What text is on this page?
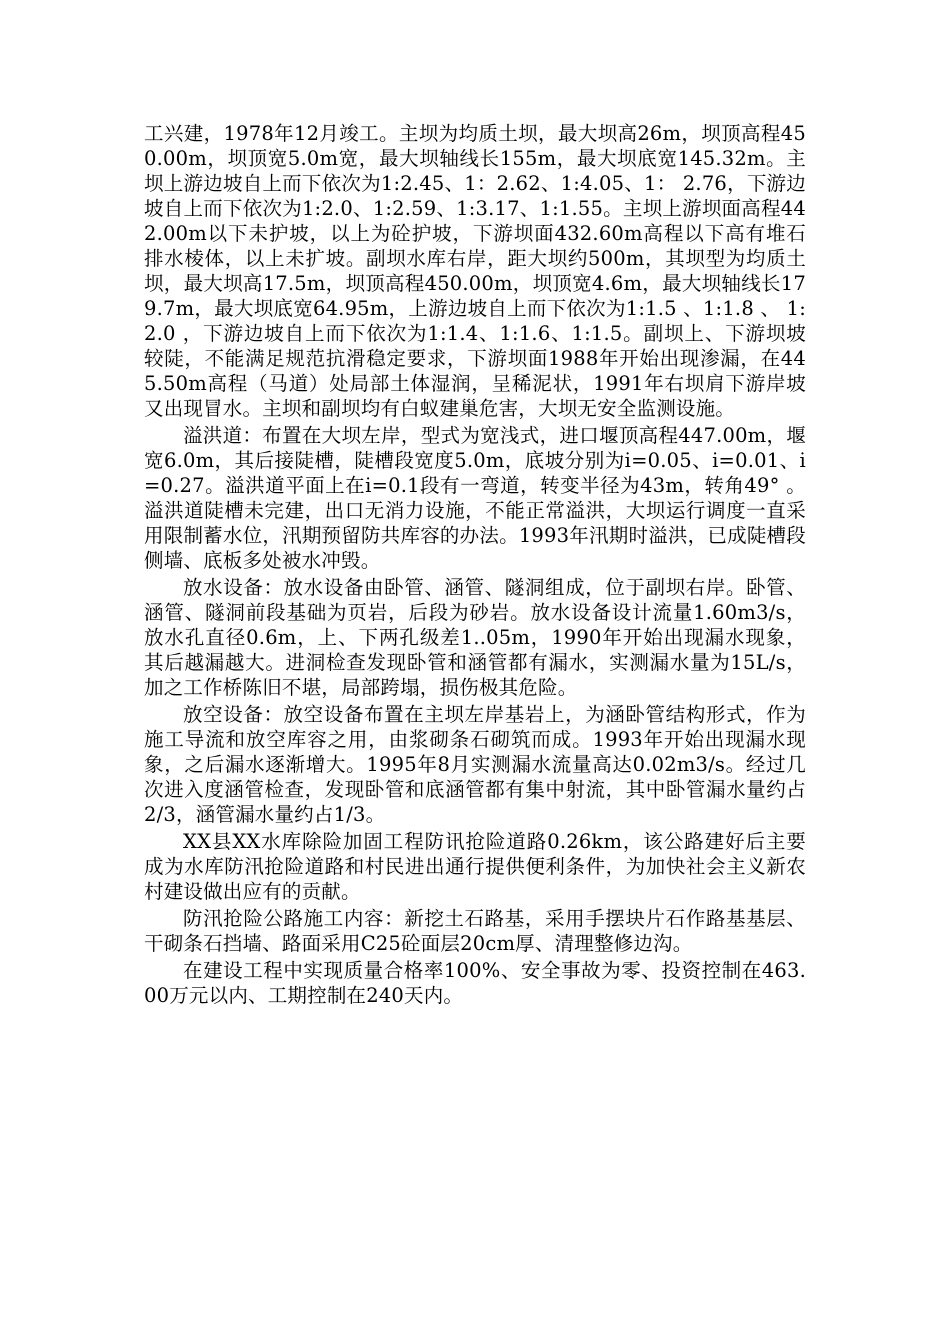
工兴建，1978年12月竣工。主坝为均质土坝，最大坝高26m，坝顶高程450.00m，坝顶宽5.0m宽，最大坝轴线长155m，最大坝底宽145.32m。主坝上游边坡自上而下依次为1:2.45、1：2.62、1:4.05、1： 2.76，下游边坡自上而下依次为1:2.0、1:2.59、1:3.17、1:1.55。主坝上游坝面高程442.00m以下未护坡，以上为砼护坡，下游坝面432.60m高程以下高有堆石排水棱体，以上未扩坡。副坝水库右岸，距大坝约500m，其坝型为均质土坝，最大坝高17.5m，坝顶高程450.00m，坝顶宽4.6m，最大坝轴线长179.7m，最大坝底宽64.95m，上游边坡自上而下依次为1:1.5 、1:1.8 、 1:2.0 ，下游边坡自上而下依次为1:1.4、1:1.6、1:1.5。副坝上、下游坝坡较陡，不能满足规范抗滑稳定要求，下游坝面1988年开始出现渗漏，在445.50m高程（马道）处局部土体湿润，呈稀泥状，1991年右坝肩下游岸坡又出现冒水。主坝和副坝均有白蚁建巢危害，大坝无安全监测设施。

溢洪道：布置在大坝左岸，型式为宽浅式，进口堰顶高程447.00m，堰宽6.0m，其后接陡槽，陡槽段宽度5.0m，底坡分别为i=0.05、i=0.01、i=0.27。溢洪道平面上在i=0.1段有一弯道，转变半径为43m，转角49° 。溢洪道陡槽未完建，出口无消力设施，不能正常溢洪，大坝运行调度一直采用限制蓄水位，汛期预留防共库容的办法。1993年汛期时溢洪，已成陡槽段侧墙、底板多处被水冲毁。

放水设备：放水设备由卧管、涵管、隧洞组成，位于副坝右岸。卧管、涵管、隧洞前段基础为页岩，后段为砂岩。放水设备设计流量1.60m3/s，放水孔直径0.6m，上、下两孔级差1..05m，1990年开始出现漏水现象，其后越漏越大。进洞检查发现卧管和涵管都有漏水，实测漏水量为15L/s，加之工作桥陈旧不堪，局部跨塌，损伤极其危险。

放空设备：放空设备布置在主坝左岸基岩上，为涵卧管结构形式，作为施工导流和放空库容之用，由浆砌条石砌筑而成。1993年开始出现漏水现象，之后漏水逐渐增大。1995年8月实测漏水流量高达0.02m3/s。经过几次进入度涵管检查，发现卧管和底涵管都有集中射流，其中卧管漏水量约占2/3，涵管漏水量约占1/3。

XX县XX水库除险加固工程防讯抢险道路0.26km，该公路建好后主要成为水库防汛抢险道路和村民进出通行提供便利条件，为加快社会主义新农村建设做出应有的贡献。

防汛抢险公路施工内容：新挖土石路基，采用手摆块片石作路基基层、干砌条石挡墙、路面采用C25砼面层20cm厚、清理整修边沟。

在建设工程中实现质量合格率100%、安全事故为零、投资控制在463.00万元以内、工期控制在240天内。
